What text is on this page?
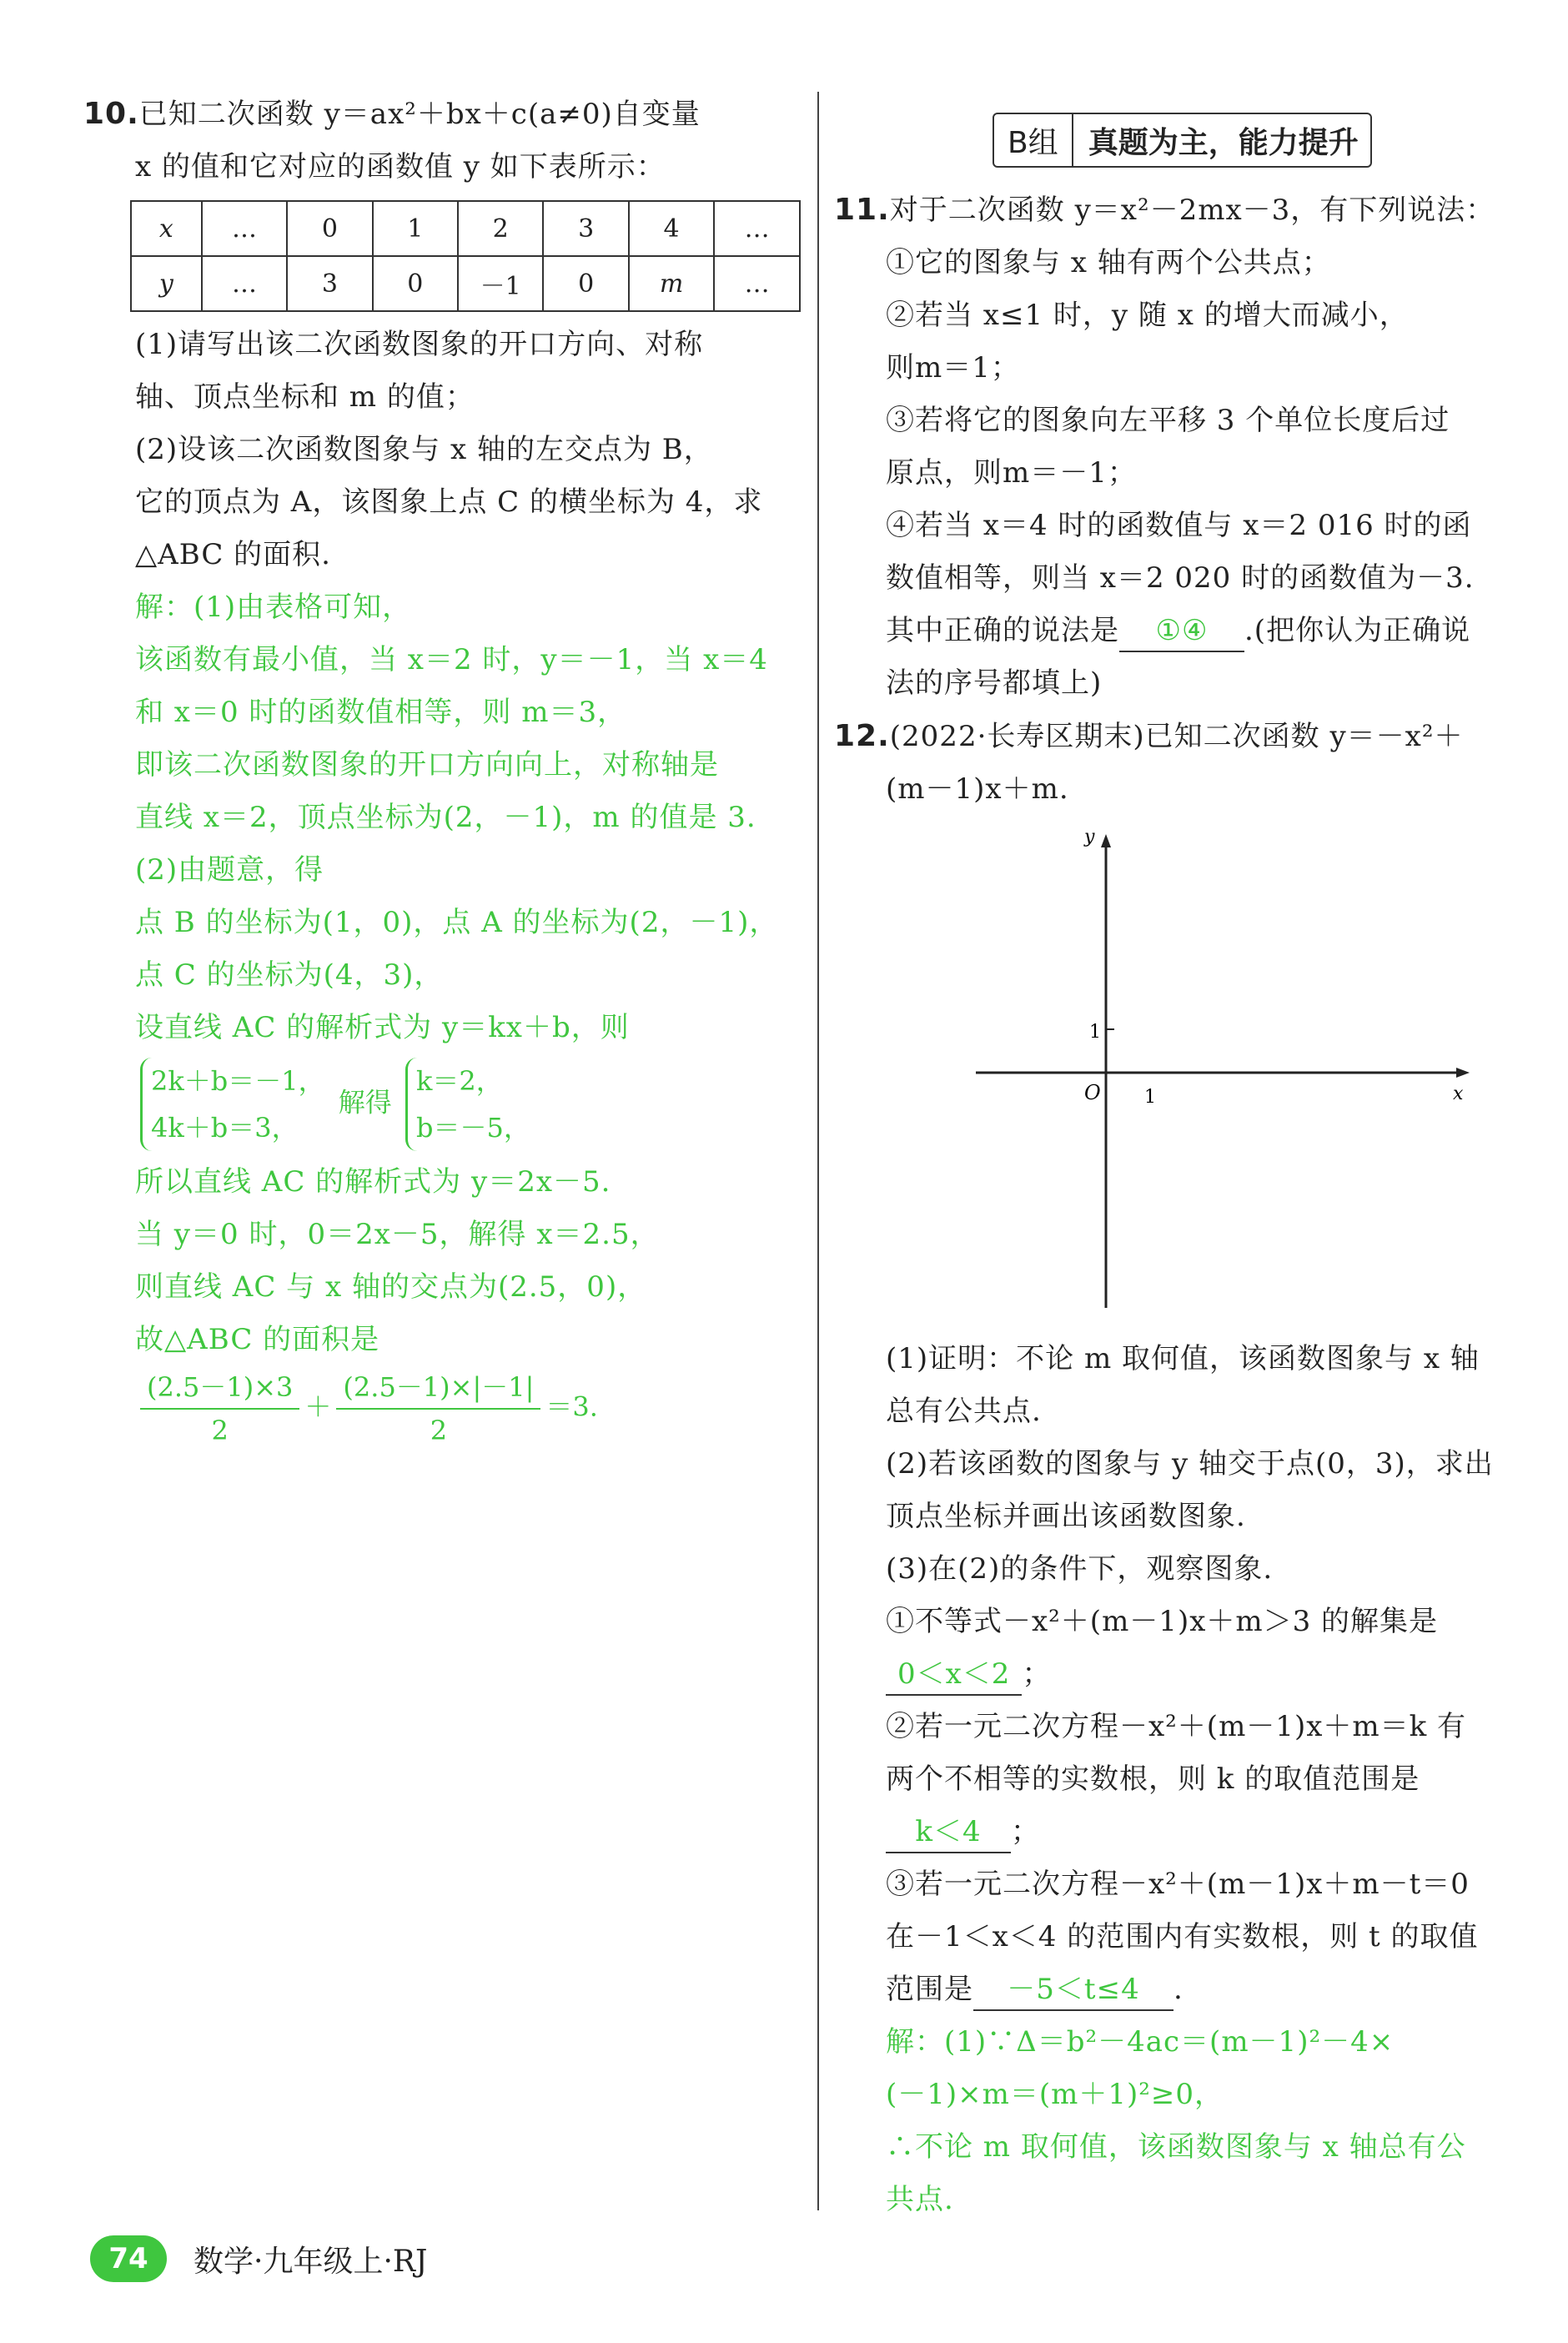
10.已知二次函数 y＝ax²＋bx＋c(a≠0)自变量
x 的值和它对应的函数值 y 如下表所示：
x	…	0	1	2	3	4	…
y	…	3	0	－1	0	m	…
(1)请写出该二次函数图象的开口方向、对称
轴、顶点坐标和 m 的值；
(2)设该二次函数图象与 x 轴的左交点为 B，
它的顶点为 A，该图象上点 C 的横坐标为 4，求
△ABC 的面积.
解：(1)由表格可知，
该函数有最小值，当 x＝2 时，y＝－1，当 x＝4
和 x＝0 时的函数值相等，则 m＝3，
即该二次函数图象的开口方向向上，对称轴是
直线 x＝2，顶点坐标为(2，－1)，m 的值是 3.
(2)由题意，得
点 B 的坐标为(1，0)，点 A 的坐标为(2，－1)，
点 C 的坐标为(4，3)，
设直线 AC 的解析式为 y＝kx＋b，则
2k＋b＝－1，
4k＋b＝3，
解得
k＝2，
b＝－5，
所以直线 AC 的解析式为 y＝2x－5.
当 y＝0 时，0＝2x－5，解得 x＝2.5，
则直线 AC 与 x 轴的交点为(2.5，0)，
故△ABC 的面积是
$\frac{(2.5-1)\times 3}{2} + \frac{(2.5-1)\times|-1|}{2} =3$.
B组	真题为主，能力提升
11.对于二次函数 y＝x²－2mx－3，有下列说法：
①它的图象与 x 轴有两个公共点；
②若当 x≤1 时，y 随 x 的增大而减小，
则m＝1；
③若将它的图象向左平移 3 个单位长度后过
原点，则m＝－1；
④若当 x＝4 时的函数值与 x＝2 016 时的函
数值相等，则当 x＝2 020 时的函数值为－3.
其中正确的说法是 ①④ .(把你认为正确说
法的序号都填上)
12.(2022·长寿区期末)已知二次函数 y＝－x²＋
(m－1)x＋m.
y
x
O 1
1
(1)证明：不论 m 取何值，该函数图象与 x 轴
总有公共点.
(2)若该函数的图象与 y 轴交于点(0，3)，求出
顶点坐标并画出该函数图象.
(3)在(2)的条件下，观察图象.
①不等式－x²＋(m－1)x＋m＞3 的解集是
0＜x＜2 ；
②若一元二次方程－x²＋(m－1)x＋m＝k 有
两个不相等的实数根，则 k 的取值范围是
k＜4 ；
③若一元二次方程－x²＋(m－1)x＋m－t＝0
在－1＜x＜4 的范围内有实数根，则 t 的取值
范围是 －5＜t≤4 .
解：(1)∵Δ＝b²－4ac＝(m－1)²－4×
(－1)×m＝(m＋1)²≥0，
∴不论 m 取何值，该函数图象与 x 轴总有公
共点.
74	数学·九年级上·RJ
